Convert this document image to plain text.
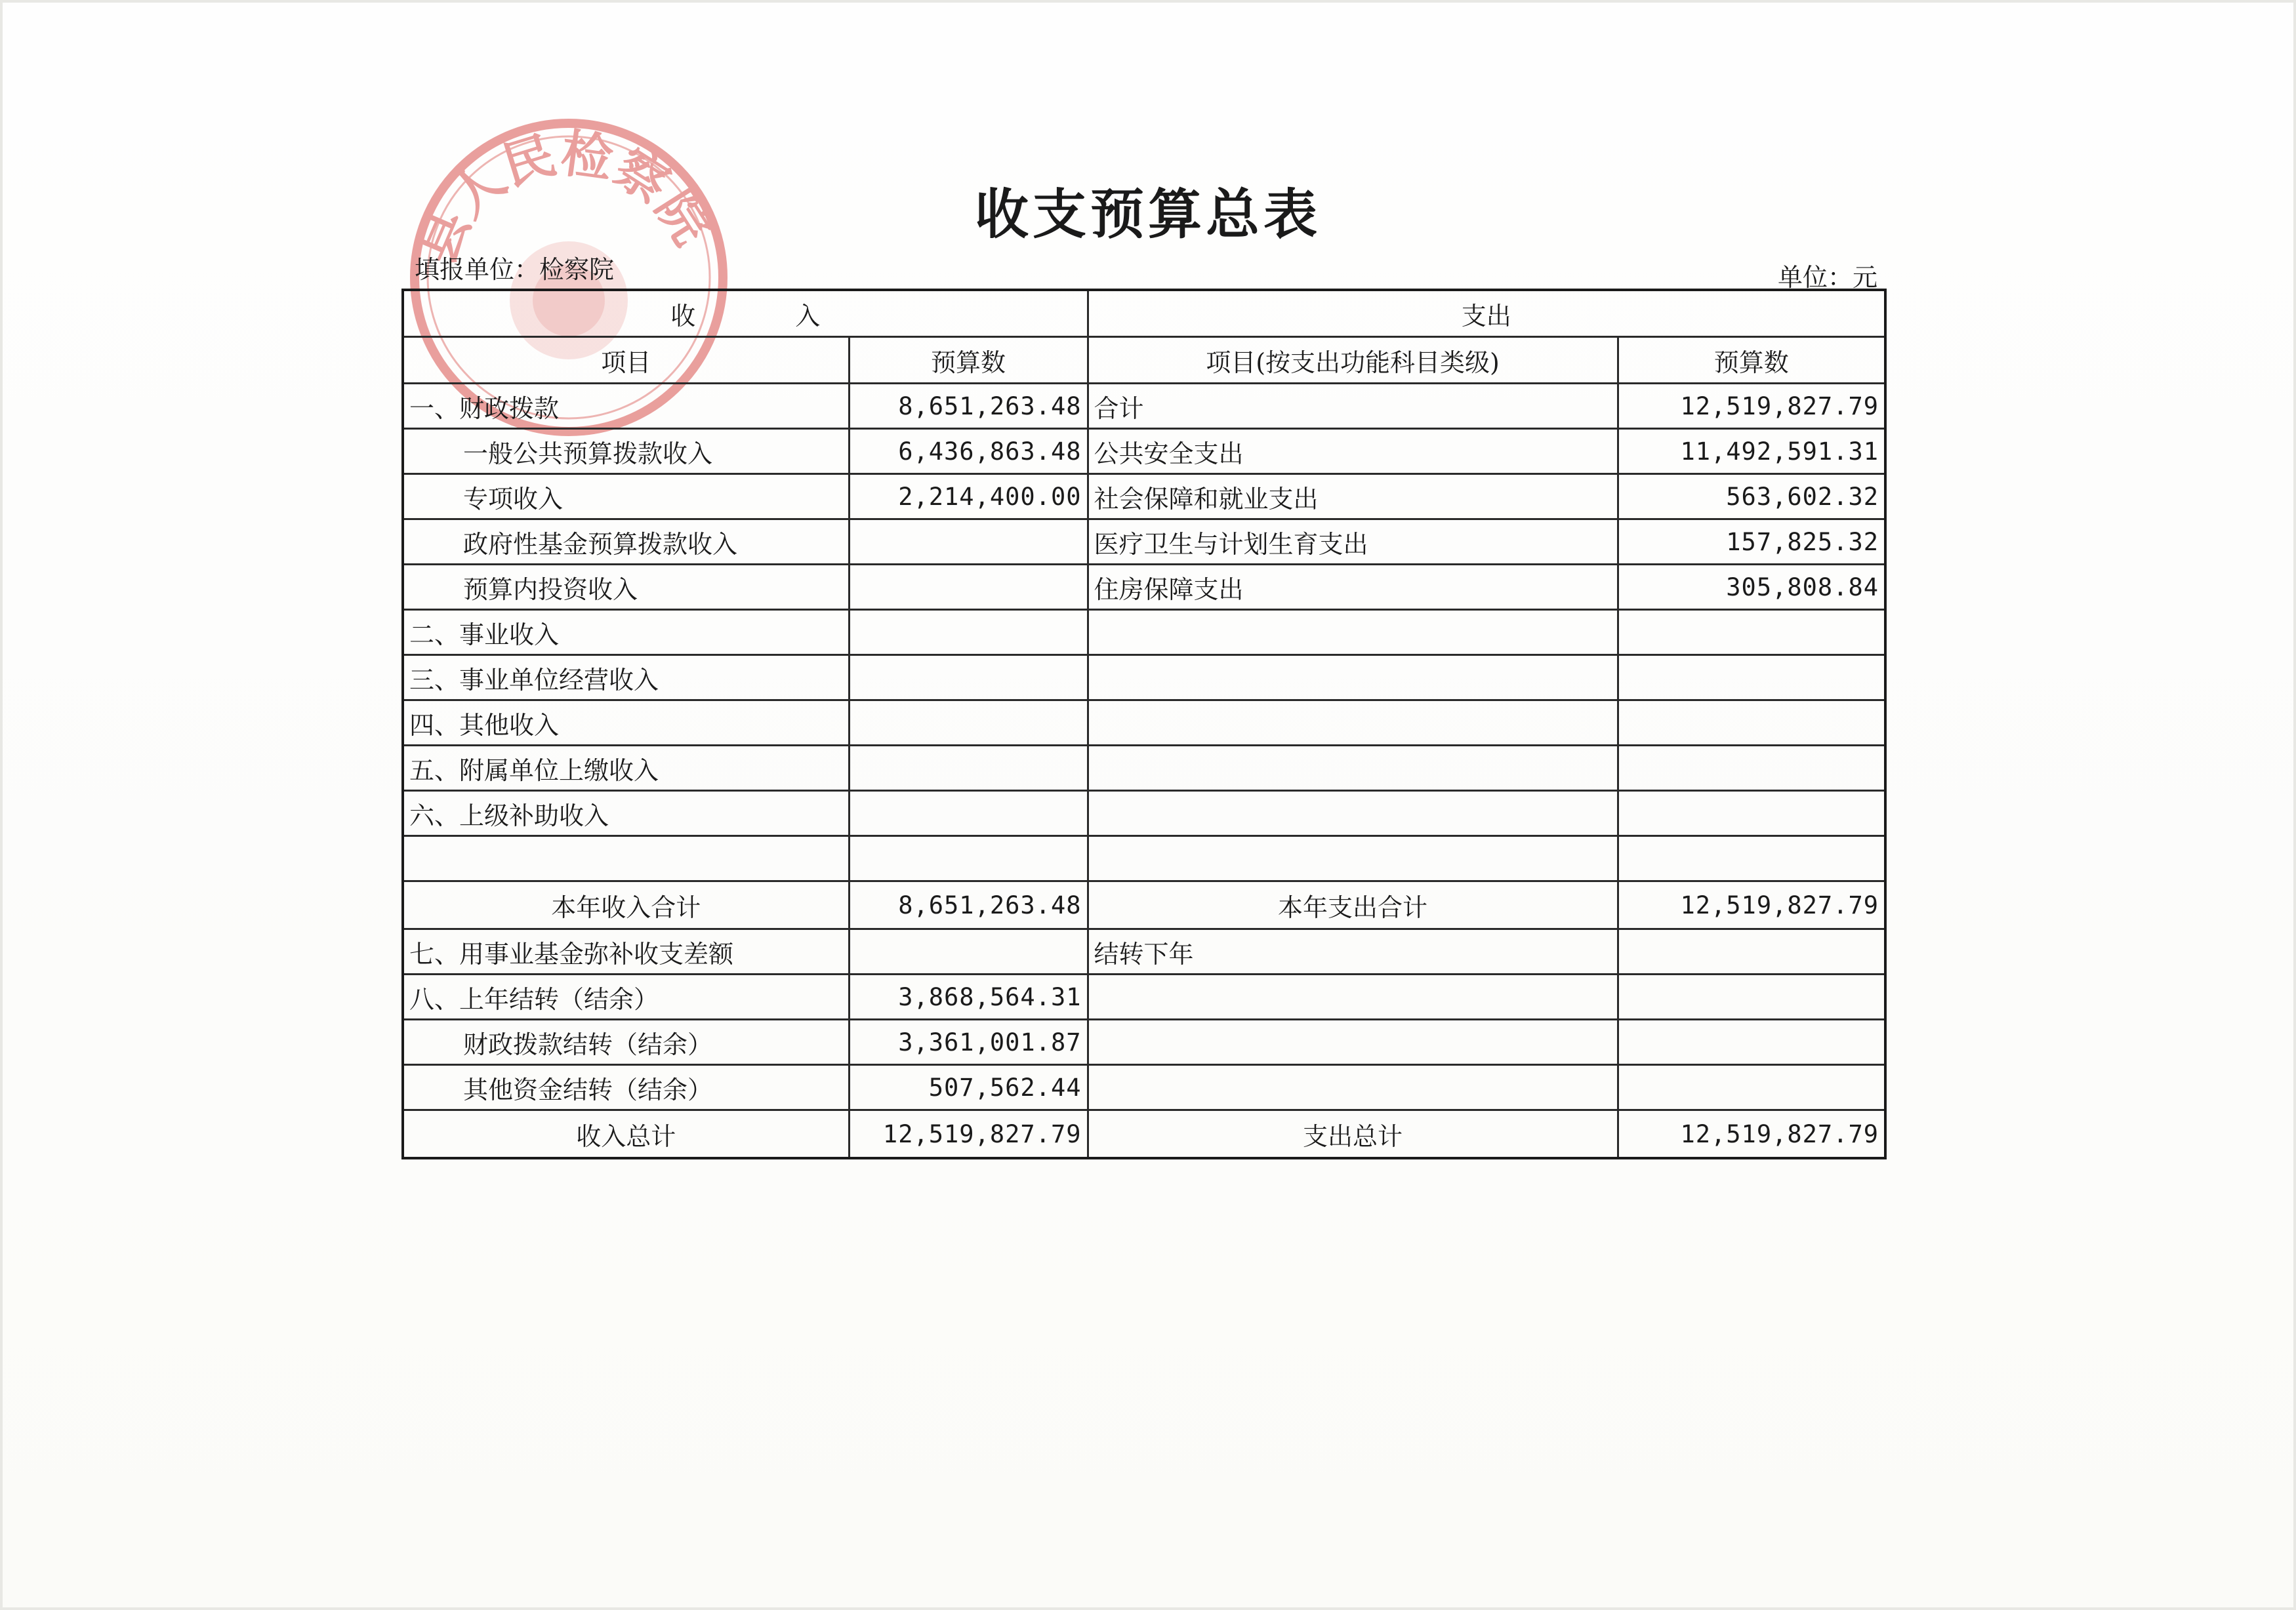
县人民检察院	收支预算总表
填报单位：检察院	单位：元
收　　　　入		支出	
项目	预算数	项目(按支出功能科目类级)	预算数
一、财政拨款	8,651,263.48	合计	12,519,827.79
一般公共预算拨款收入	6,436,863.48	公共安全支出	11,492,591.31
专项收入	2,214,400.00	社会保障和就业支出	563,602.32
政府性基金预算拨款收入		医疗卫生与计划生育支出	157,825.32
预算内投资收入		住房保障支出	305,808.84
二、事业收入			
三、事业单位经营收入			
四、其他收入			
五、附属单位上缴收入			
六、上级补助收入			

本年收入合计	8,651,263.48	本年支出合计	12,519,827.79
七、用事业基金弥补收支差额		结转下年	
八、上年结转（结余）	3,868,564.31		
财政拨款结转（结余）	3,361,001.87		
其他资金结转（结余）	507,562.44		
收入总计	12,519,827.79	支出总计	12,519,827.79
